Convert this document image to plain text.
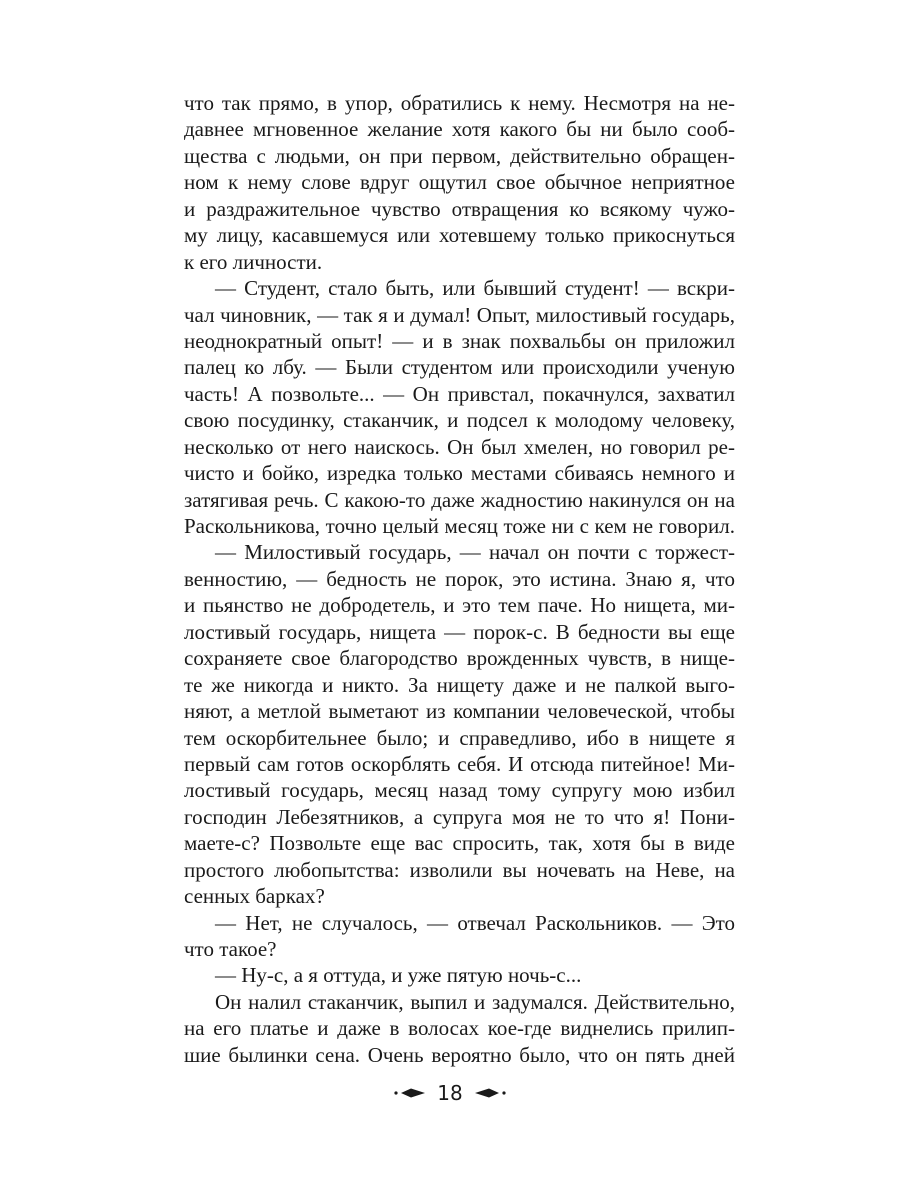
что так прямо, в упор, обратились к нему. Несмотря на не-
давнее мгновенное желание хотя какого бы ни было сооб-
щества с людьми, он при первом, действительно обращен-
ном к нему слове вдруг ощутил свое обычное неприятное
и раздражительное чувство отвращения ко всякому чужо-
му лицу, касавшемуся или хотевшему только прикоснуться
к его личности.
— Студент, стало быть, или бывший студент! — вскри-
чал чиновник, — так я и думал! Опыт, милостивый государь,
неоднократный опыт! — и в знак похвальбы он приложил
палец ко лбу. — Были студентом или происходили ученую
часть! А позвольте... — Он привстал, покачнулся, захватил
свою посудинку, стаканчик, и подсел к молодому человеку,
несколько от него наискось. Он был хмелен, но говорил ре-
чисто и бойко, изредка только местами сбиваясь немного и
затягивая речь. С какою-то даже жадностию накинулся он на
Раскольникова, точно целый месяц тоже ни с кем не говорил.
— Милостивый государь, — начал он почти с торжест-
венностию, — бедность не порок, это истина. Знаю я, что
и пьянство не добродетель, и это тем паче. Но нищета, ми-
лостивый государь, нищета — порок-с. В бедности вы еще
сохраняете свое благородство врожденных чувств, в нище-
те же никогда и никто. За нищету даже и не палкой выго-
няют, а метлой выметают из компании человеческой, чтобы
тем оскорбительнее было; и справедливо, ибо в нищете я
первый сам готов оскорблять себя. И отсюда питейное! Ми-
лостивый государь, месяц назад тому супругу мою избил
господин Лебезятников, а супруга моя не то что я! Пони-
маете-с? Позвольте еще вас спросить, так, хотя бы в виде
простого любопытства: изволили вы ночевать на Неве, на
сенных барках?
— Нет, не случалось, — отвечал Раскольников. — Это
что такое?
— Ну-с, а я оттуда, и уже пятую ночь-с...
Он налил стаканчик, выпил и задумался. Действительно,
на его платье и даже в волосах кое-где виднелись прилип-
шие былинки сена. Очень вероятно было, что он пять дней
18
